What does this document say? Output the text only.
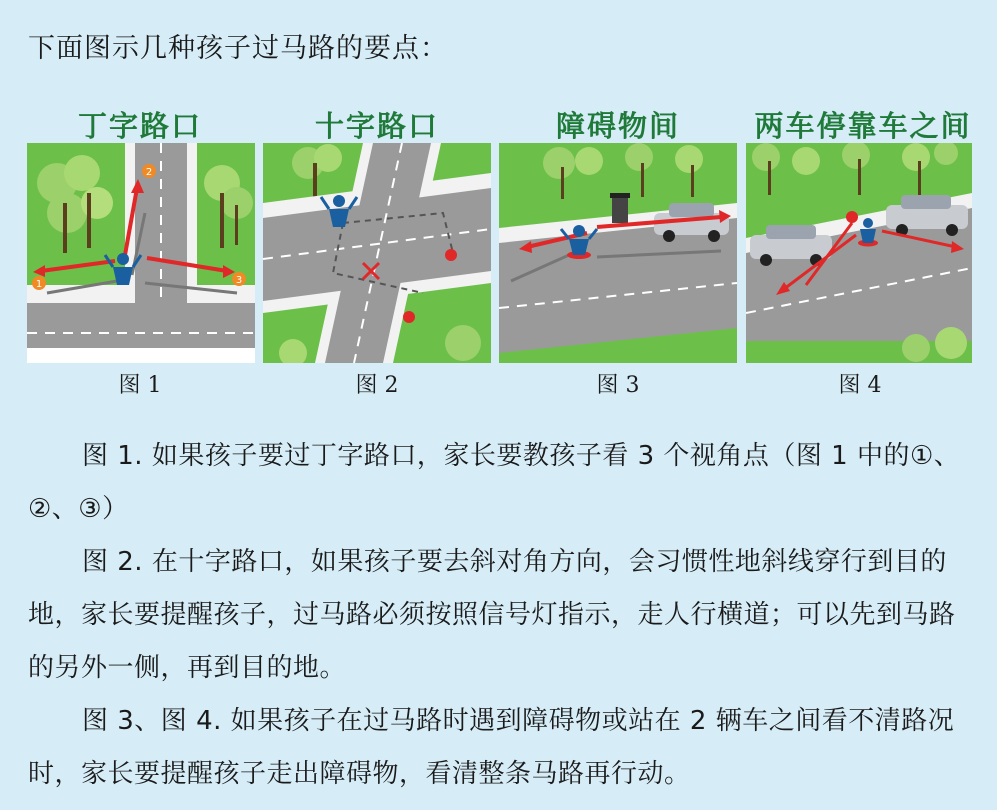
下面图示几种孩子过马路的要点：
丁字路口	十字路口	障碍物间	两车停靠车之间
1
2
3
图 1	图 2	图 3	图 4

图 1. 如果孩子要过丁字路口，家长要教孩子看 3 个视角点（图 1 中的①、②、③）

图 2. 在十字路口，如果孩子要去斜对角方向，会习惯性地斜线穿行到目的地，家长要提醒孩子，过马路必须按照信号灯指示，走人行横道；可以先到马路的另外一侧，再到目的地。

图 3、图 4. 如果孩子在过马路时遇到障碍物或站在 2 辆车之间看不清路况时，家长要提醒孩子走出障碍物，看清整条马路再行动。
